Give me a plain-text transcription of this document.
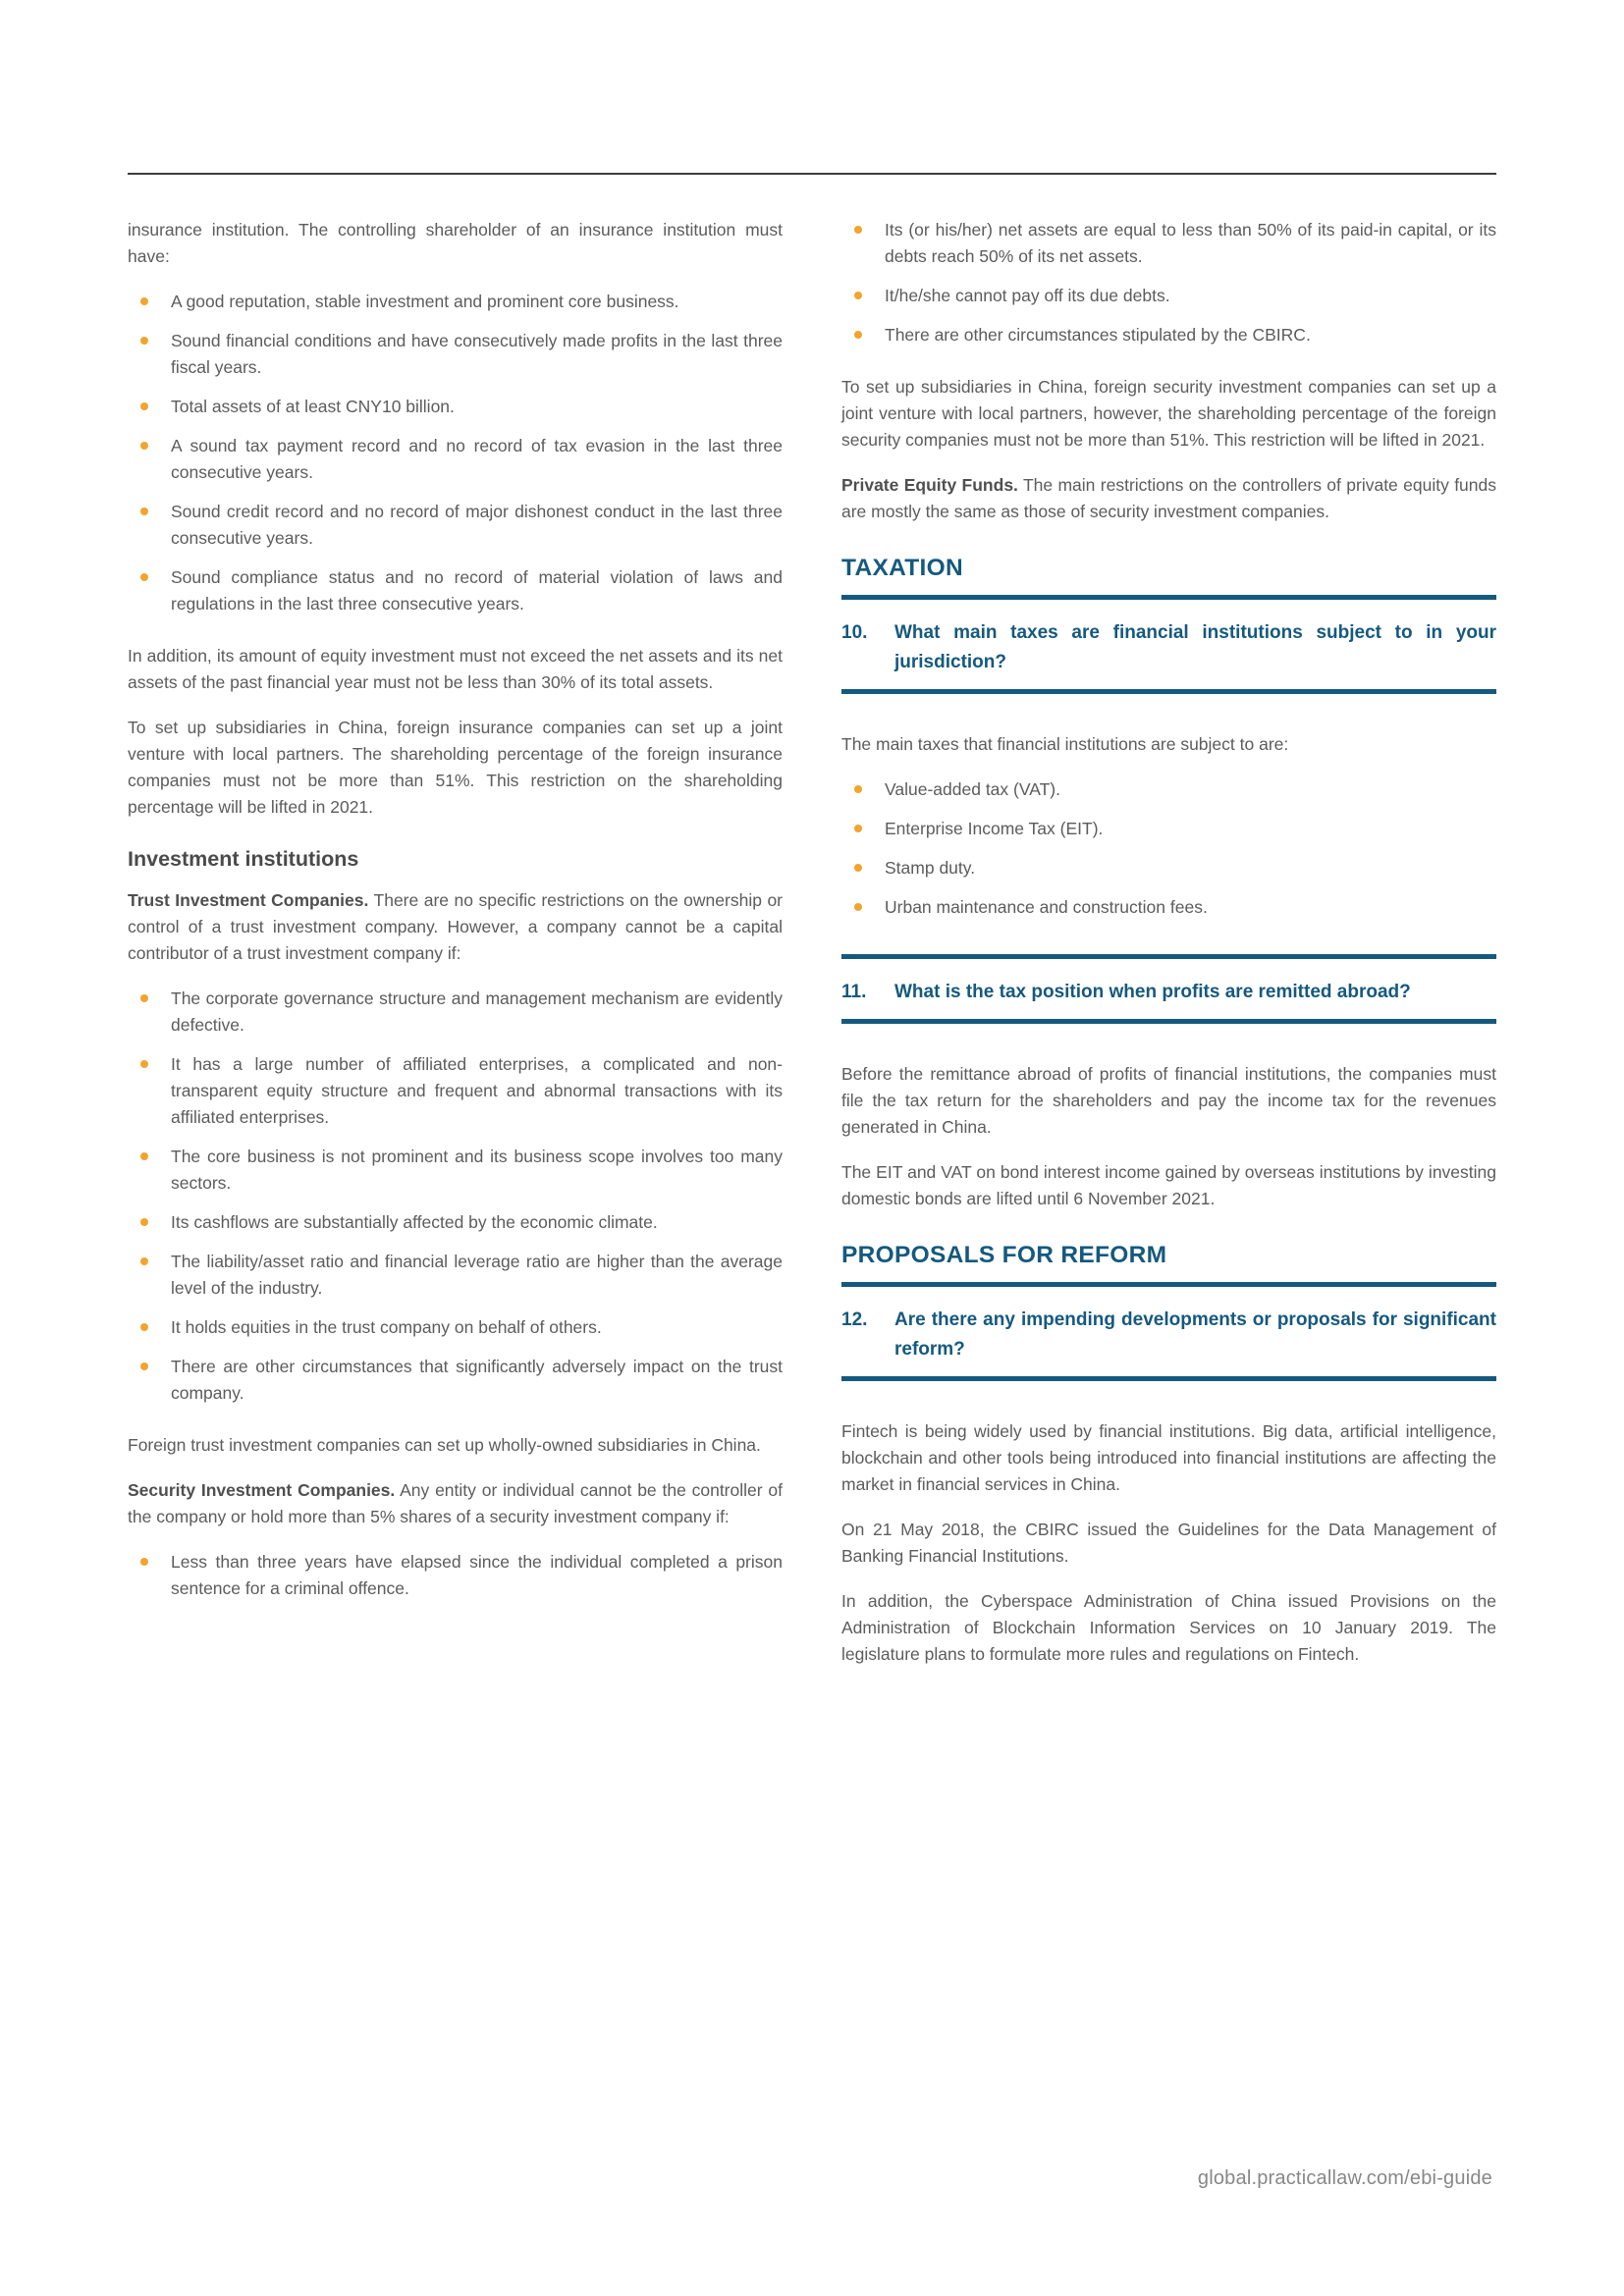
insurance institution. The controlling shareholder of an insurance institution must have:

A good reputation, stable investment and prominent core business.
Sound financial conditions and have consecutively made profits in the last three fiscal years.
Total assets of at least CNY10 billion.
A sound tax payment record and no record of tax evasion in the last three consecutive years.
Sound credit record and no record of major dishonest conduct in the last three consecutive years.
Sound compliance status and no record of material violation of laws and regulations in the last three consecutive years.

In addition, its amount of equity investment must not exceed the net assets and its net assets of the past financial year must not be less than 30% of its total assets.

To set up subsidiaries in China, foreign insurance companies can set up a joint venture with local partners. The shareholding percentage of the foreign insurance companies must not be more than 51%. This restriction on the shareholding percentage will be lifted in 2021.

Investment institutions

Trust Investment Companies. There are no specific restrictions on the ownership or control of a trust investment company. However, a company cannot be a capital contributor of a trust investment company if:

The corporate governance structure and management mechanism are evidently defective.
It has a large number of affiliated enterprises, a complicated and non-transparent equity structure and frequent and abnormal transactions with its affiliated enterprises.
The core business is not prominent and its business scope involves too many sectors.
Its cashflows are substantially affected by the economic climate.
The liability/asset ratio and financial leverage ratio are higher than the average level of the industry.
It holds equities in the trust company on behalf of others.
There are other circumstances that significantly adversely impact on the trust company.

Foreign trust investment companies can set up wholly-owned subsidiaries in China.

Security Investment Companies. Any entity or individual cannot be the controller of the company or hold more than 5% shares of a security investment company if:

Less than three years have elapsed since the individual completed a prison sentence for a criminal offence.
Its (or his/her) net assets are equal to less than 50% of its paid-in capital, or its debts reach 50% of its net assets.
It/he/she cannot pay off its due debts.
There are other circumstances stipulated by the CBIRC.

To set up subsidiaries in China, foreign security investment companies can set up a joint venture with local partners, however, the shareholding percentage of the foreign security companies must not be more than 51%. This restriction will be lifted in 2021.

Private Equity Funds. The main restrictions on the controllers of private equity funds are mostly the same as those of security investment companies.

TAXATION
10.	What main taxes are financial institutions subject to in your jurisdiction?

The main taxes that financial institutions are subject to are:

Value-added tax (VAT).
Enterprise Income Tax (EIT).
Stamp duty.
Urban maintenance and construction fees.
11.	What is the tax position when profits are remitted abroad?

Before the remittance abroad of profits of financial institutions, the companies must file the tax return for the shareholders and pay the income tax for the revenues generated in China.

The EIT and VAT on bond interest income gained by overseas institutions by investing domestic bonds are lifted until 6 November 2021.

PROPOSALS FOR REFORM
12.	Are there any impending developments or proposals for significant reform?

Fintech is being widely used by financial institutions. Big data, artificial intelligence, blockchain and other tools being introduced into financial institutions are affecting the market in financial services in China.

On 21 May 2018, the CBIRC issued the Guidelines for the Data Management of Banking Financial Institutions.

In addition, the Cyberspace Administration of China issued Provisions on the Administration of Blockchain Information Services on 10 January 2019. The legislature plans to formulate more rules and regulations on Fintech.

global.practicallaw.com/ebi-guide
